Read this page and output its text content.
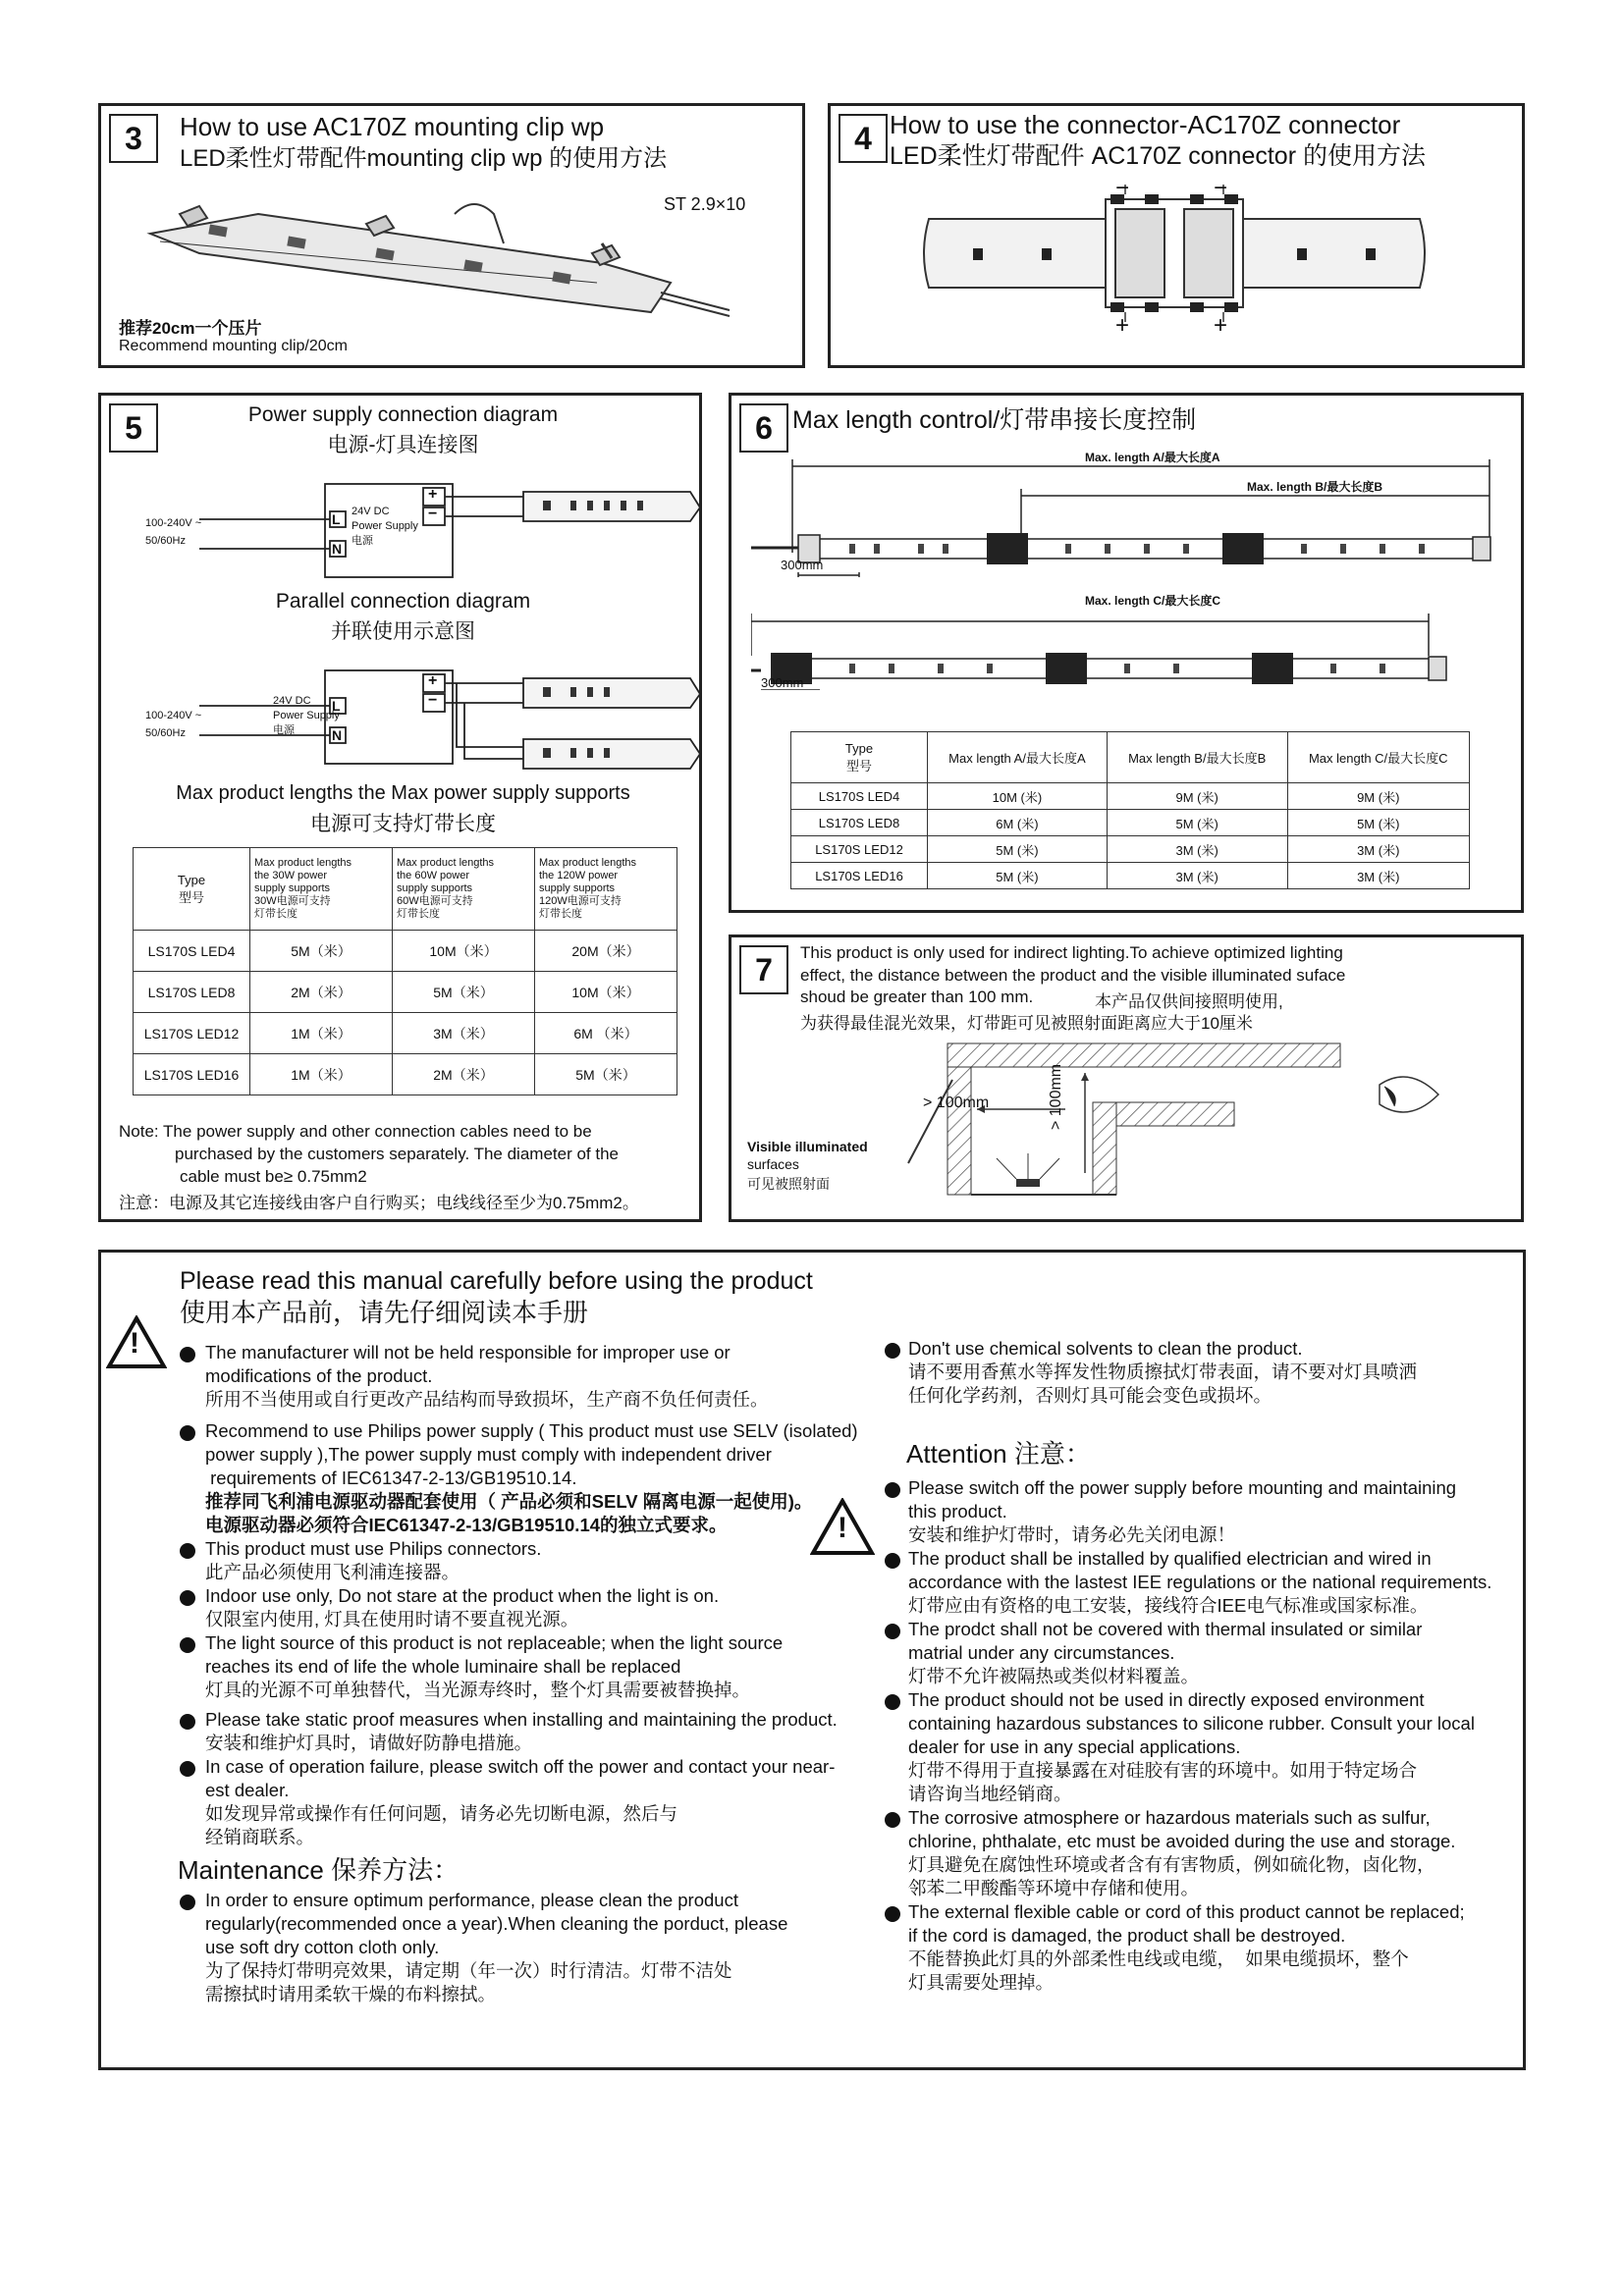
3	How to use AC170Z mounting clip wp
LED柔性灯带配件mounting clip wp 的使用方法
ST 2.9×10
推荐20cm一个压片
Recommend mounting clip/20cm
4 How to use the connector-AC170Z connector
LED柔性灯带配件 AC170Z connector 的使用方法
−	−
+	+
5	Power supply connection diagram
电源-灯具连接图
100-240V ~
50/60Hz
L
N
+
−
24V DC
Power Supply
电源
Parallel connection diagram
并联使用示意图
100-240V ~
50/60Hz
L
N
+
−
24V DC
Power Supply
电源
Max product lengths the Max power supply supports
电源可支持灯带长度
Type
型号	Max product lengths
the 30W power
supply supports
30W电源可支持
灯带长度	Max product lengths
the 60W power
supply supports
60W电源可支持
灯带长度	Max product lengths
the 120W power
supply supports
120W电源可支持
灯带长度
LS170S LED4	5M（米）	10M（米）	20M（米）
LS170S LED8	2M（米）	5M（米）	10M（米）
LS170S LED12	1M（米）	3M（米）	6M （米）
LS170S LED16	1M（米）	2M（米）	5M（米）
Note: The power supply and other connection cables need to be
purchased by the customers separately. The diameter of the
cable must be≥ 0.75mm2
注意：电源及其它连接线由客户自行购买；电线线径至少为0.75mm2。
6 Max length control/灯带串接长度控制
Max. length A/最大长度A
Max. length B/最大长度B
Max. length C/最大长度C
300mm
300mm
Type
型号	Max length A/最大长度A	Max length B/最大长度B	Max length C/最大长度C
LS170S LED4	10M (米)	9M (米)	9M (米)
LS170S LED8	6M (米)	5M (米)	5M (米)
LS170S LED12	5M (米)	3M (米)	3M (米)
LS170S LED16	5M (米)	3M (米)	3M (米)
7	This product is only used for indirect lighting.To achieve optimized lighting
effect, the distance between the product and the visible illuminated suface
shoud be greater than 100 mm.	本产品仅供间接照明使用,
为获得最佳混光效果，灯带距可见被照射面距离应大于10厘米
> 100mm	> 100mm
Visible illuminated
surfaces
可见被照射面
Please read this manual carefully before using the product
使用本产品前，请先仔细阅读本手册
!	The manufacturer will not be held responsible for improper use or
modifications of the product.
所用不当使用或自行更改产品结构而导致损坏，生产商不负任何责任。
Recommend to use Philips power supply ( This product must use SELV (isolated)
power supply ),The power supply must comply with independent driver
requirements of IEC61347-2-13/GB19510.14.
推荐同飞利浦电源驱动器配套使用（ 产品必须和SELV 隔离电源一起使用)。
电源驱动器必须符合IEC61347-2-13/GB19510.14的独立式要求。
This product must use Philips connectors.
此产品必须使用飞利浦连接器。
Indoor use only, Do not stare at the product when the light is on.
仅限室内使用, 灯具在使用时请不要直视光源。
The light source of this product is not replaceable; when the light source
reaches its end of life the whole luminaire shall be replaced
灯具的光源不可单独替代，当光源寿终时，整个灯具需要被替换掉。
Please take static proof measures when installing and maintaining the product.
安装和维护灯具时，请做好防静电措施。
In case of operation failure, please switch off the power and contact your near-
est dealer.
如发现异常或操作有任何问题，请务必先切断电源，然后与
经销商联系。
Maintenance 保养方法：
In order to ensure optimum performance, please clean the product
regularly(recommended once a year).When cleaning the porduct, please
use soft dry cotton cloth only.
为了保持灯带明亮效果，请定期（年一次）时行清洁。灯带不洁处
需擦拭时请用柔软干燥的布料擦拭。
Don't use chemical solvents to clean the product.
请不要用香蕉水等挥发性物质擦拭灯带表面，请不要对灯具喷洒
任何化学药剂，否则灯具可能会变色或损坏。
Attention 注意：
!
Please switch off the power supply before mounting and maintaining
this product.
安装和维护灯带时，请务必先关闭电源！
The product shall be installed by qualified electrician and wired in
accordance with the lastest IEE regulations or the national requirements.
灯带应由有资格的电工安装，接线符合IEE电气标准或国家标准。
The prodct shall not be covered with thermal insulated or similar
matrial under any circumstances.
灯带不允许被隔热或类似材料覆盖。
The product should not be used in directly exposed environment
containing hazardous substances to silicone rubber. Consult your local
dealer for use in any special applications.
灯带不得用于直接暴露在对硅胶有害的环境中。如用于特定场合
请咨询当地经销商。
The corrosive atmosphere or hazardous materials such as sulfur,
chlorine, phthalate, etc must be avoided during the use and storage.
灯具避免在腐蚀性环境或者含有有害物质，例如硫化物，卤化物，
邻苯二甲酸酯等环境中存储和使用。
The external flexible cable or cord of this product cannot be replaced;
if the cord is damaged, the product shall be destroyed.
不能替换此灯具的外部柔性电线或电缆，  如果电缆损坏，整个
灯具需要处理掉。
